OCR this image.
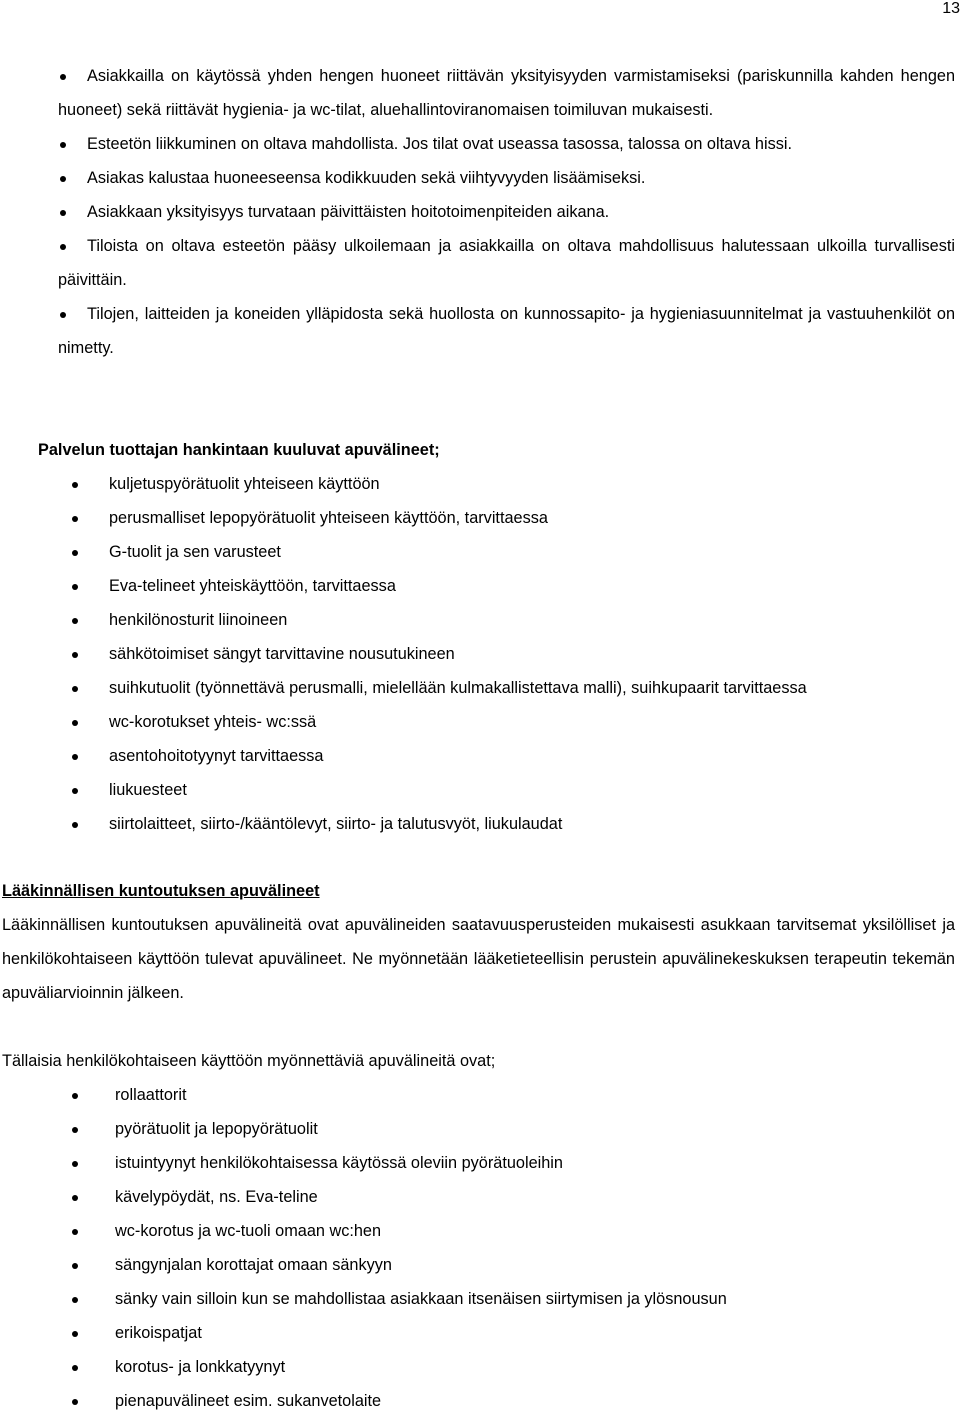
13
Asiakkailla on käytössä yhden hengen huoneet riittävän yksityisyyden varmistamiseksi (pariskunnilla kahden hengen huoneet) sekä riittävät hygienia- ja wc-tilat, aluehallintoviranomaisen toimiluvan mukaisesti.
Esteetön liikkuminen on oltava mahdollista. Jos tilat ovat useassa tasossa, talossa on oltava hissi.
Asiakas kalustaa huoneeseensa kodikkuuden sekä viihtyvyyden lisäämiseksi.
Asiakkaan yksityisyys turvataan päivittäisten hoitotoimenpiteiden aikana.
Tiloista on oltava esteetön pääsy ulkoilemaan ja asiakkailla on oltava mahdollisuus halutessaan ulkoilla turvallisesti päivittäin.
Tilojen, laitteiden ja koneiden ylläpidosta sekä huollosta on kunnossapito- ja hygieniasuunnitelmat ja vastuuhenkilöt on nimetty.
Palvelun tuottajan hankintaan kuuluvat apuvälineet;
kuljetuspyörätuolit yhteiseen käyttöön
perusmalliset lepopyörätuolit yhteiseen käyttöön, tarvittaessa
G-tuolit ja sen varusteet
Eva-telineet yhteiskäyttöön, tarvittaessa
henkilönosturit liinoineen
sähkötoimiset sängyt tarvittavine nousutukineen
suihkutuolit (työnnettävä perusmalli, mielellään kulmakallistettava malli), suihkupaarit tarvittaessa
wc-korotukset yhteis- wc:ssä
asentohoitotyynyt tarvittaessa
liukuesteet
siirtolaitteet, siirto-/kääntölevyt, siirto- ja talutusvyöt, liukulaudat
Lääkinnällisen kuntoutuksen apuvälineet
Lääkinnällisen kuntoutuksen apuvälineitä ovat apuvälineiden saatavuusperusteiden mukaisesti asukkaan tarvitsemat yksilölliset ja henkilökohtaiseen käyttöön tulevat apuvälineet. Ne myönnetään lääketieteellisin perustein apuvälinekeskuksen terapeutin tekemän apuväliarvioinnin jälkeen.
Tällaisia henkilökohtaiseen käyttöön myönnettäviä apuvälineitä ovat;
rollaattorit
pyörätuolit ja lepopyörätuolit
istuintyynyt henkilökohtaisessa käytössä oleviin pyörätuoleihin
kävelypöydät, ns. Eva-teline
wc-korotus ja wc-tuoli omaan wc:hen
sängynjalan korottajat omaan sänkyyn
sänky vain silloin kun se mahdollistaa asiakkaan itsenäisen siirtymisen ja ylösnousun
erikoispatjat
korotus- ja lonkkatyynyt
pienapuvälineet esim. sukanvetolaite
